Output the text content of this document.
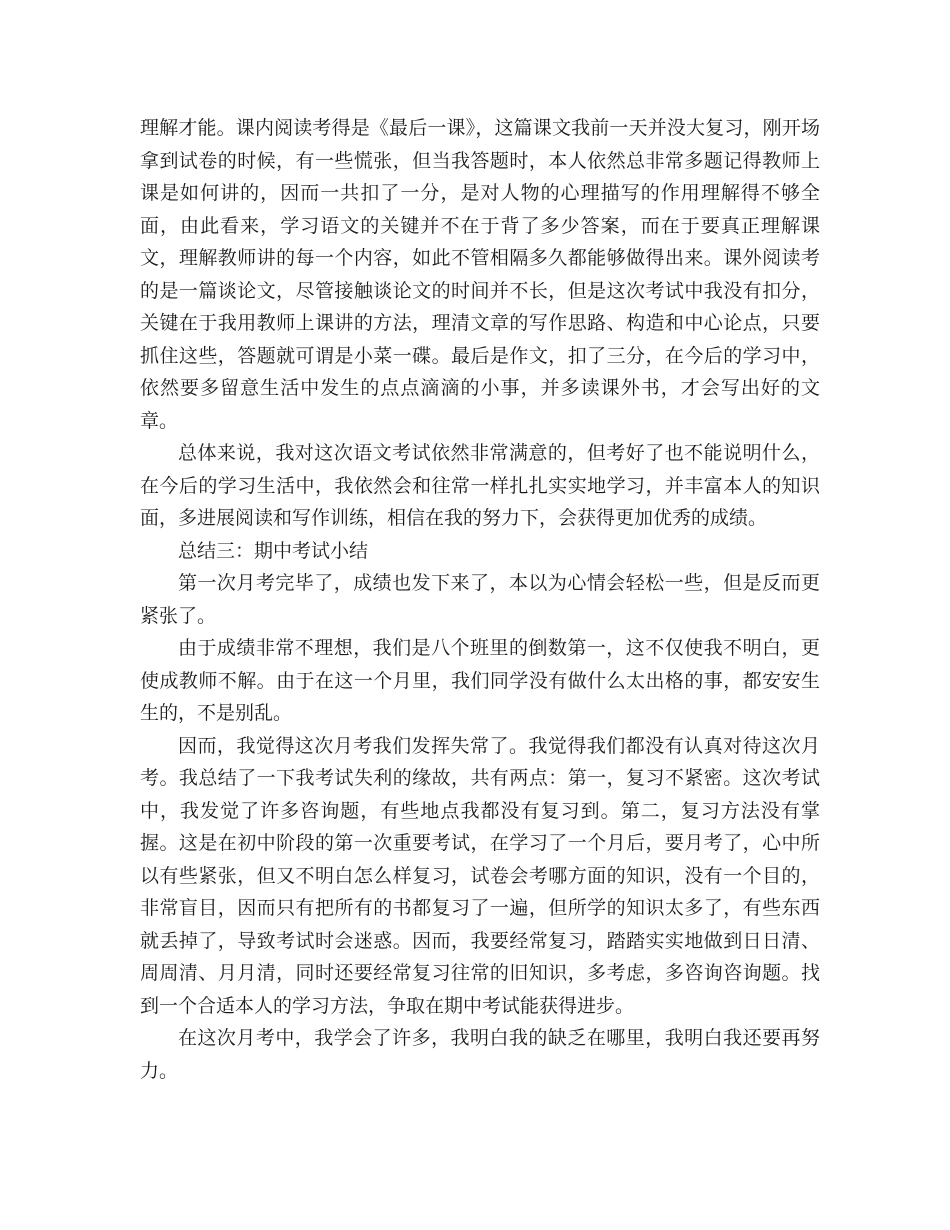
理解才能。课内阅读考得是《最后一课》，这篇课文我前一天并没大复习，刚开场拿到试卷的时候，有一些慌张，但当我答题时，本人依然总非常多题记得教师上课是如何讲的，因而一共扣了一分，是对人物的心理描写的作用理解得不够全面，由此看来，学习语文的关键并不在于背了多少答案，而在于要真正理解课文，理解教师讲的每一个内容，如此不管相隔多久都能够做得出来。课外阅读考的是一篇谈论文，尽管接触谈论文的时间并不长，但是这次考试中我没有扣分，关键在于我用教师上课讲的方法，理清文章的写作思路、构造和中心论点，只要抓住这些，答题就可谓是小菜一碟。最后是作文，扣了三分，在今后的学习中，依然要多留意生活中发生的点点滴滴的小事，并多读课外书，才会写出好的文章。

总体来说，我对这次语文考试依然非常满意的，但考好了也不能说明什么，在今后的学习生活中，我依然会和往常一样扎扎实实地学习，并丰富本人的知识面，多进展阅读和写作训练，相信在我的努力下，会获得更加优秀的成绩。

总结三：期中考试小结

第一次月考完毕了，成绩也发下来了，本以为心情会轻松一些，但是反而更紧张了。

由于成绩非常不理想，我们是八个班里的倒数第一，这不仅使我不明白，更使成教师不解。由于在这一个月里，我们同学没有做什么太出格的事，都安安生生的，不是别乱。

因而，我觉得这次月考我们发挥失常了。我觉得我们都没有认真对待这次月考。我总结了一下我考试失利的缘故，共有两点：第一，复习不紧密。这次考试中，我发觉了许多咨询题，有些地点我都没有复习到。第二，复习方法没有掌握。这是在初中阶段的第一次重要考试，在学习了一个月后，要月考了，心中所以有些紧张，但又不明白怎么样复习，试卷会考哪方面的知识，没有一个目的，非常盲目，因而只有把所有的书都复习了一遍，但所学的知识太多了，有些东西就丢掉了，导致考试时会迷惑。因而，我要经常复习，踏踏实实地做到日日清、周周清、月月清，同时还要经常复习往常的旧知识，多考虑，多咨询咨询题。找到一个合适本人的学习方法，争取在期中考试能获得进步。

在这次月考中，我学会了许多，我明白我的缺乏在哪里，我明白我还要再努力。
